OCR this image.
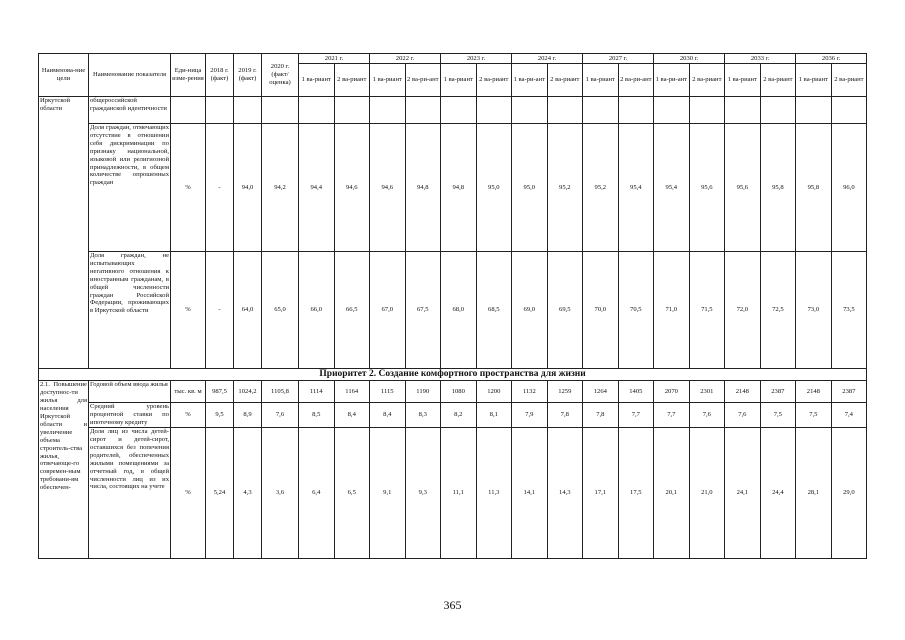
Наименова-ние цели	Наименование показателя	Еди-ница изме-рения	2018 г. (факт)	2019 г. (факт)	2020 г. (факт/ оценка)	2021 г.		2022 г.		2023 г.		2024 г.		2027 г.		2030 г.		2033 г.		2036 г.	
						1 ва-риант	2 ва-риант	1 ва-риант	2 ва-ри-ант	1 ва-риант	2 ва-риант	1 ва-ри-ант	2 ва-риант	1 ва-риант	2 ва-ри-ант	1 ва-ри-ант	2 ва-риант	1 ва-риант	2 ва-риант	1 ва-риант	2 ва-риант
Иркутской области	общероссийской гражданской идентичности																				
	Доля граждан, отмечающих отсутствие в отношении себя дискриминации по признаку национальной, языковой или религиозной принадлежности, в общем количестве опрошенных граждан	%	-	94,0	94,2	94,4	94,6	94,6	94,8	94,8	95,0	95,0	95,2	95,2	95,4	95,4	95,6	95,6	95,8	95,8	96,0
	Доля граждан, не испытывающих негативного отношения к иностранным гражданам, в общей численности граждан Российской Федерации, проживающих в Иркутской области	%	-	64,0	65,0	66,0	66,5	67,0	67,5	68,0	68,5	69,0	69,5	70,0	70,5	71,0	71,5	72,0	72,5	73,0	73,5
Приоритет 2. Создание комфортного пространства для жизни																					
2.1. Повышение доступнос-ти жилья для населения Иркутской области и увеличение объема строитель-ства жилья, отвечающе-го современ-ным требовани-ям обеспечен-	Годовой объем ввода жилья	тыс. кв. м	987,5	1024,2	1105,8	1114	1164	1115	1190	1080	1200	1132	1259	1264	1405	2070	2301	2148	2387	2148	2387
	Средний уровень процентной ставки по ипотечному кредиту	%	9,5	8,9	7,6	8,5	8,4	8,4	8,3	8,2	8,1	7,9	7,8	7,8	7,7	7,7	7,6	7,6	7,5	7,5	7,4
	Доля лиц из числа детей-сирот и детей-сирот, оставшихся без попечения родителей, обеспеченных жилыми помещениями за отчетный год, в общей численности лиц из их числа, состоящих на учете	%	5,24	4,3	3,6	6,4	6,5	9,1	9,3	11,1	11,3	14,1	14,3	17,1	17,5	20,1	21,0	24,1	24,4	28,1	29,0
365
